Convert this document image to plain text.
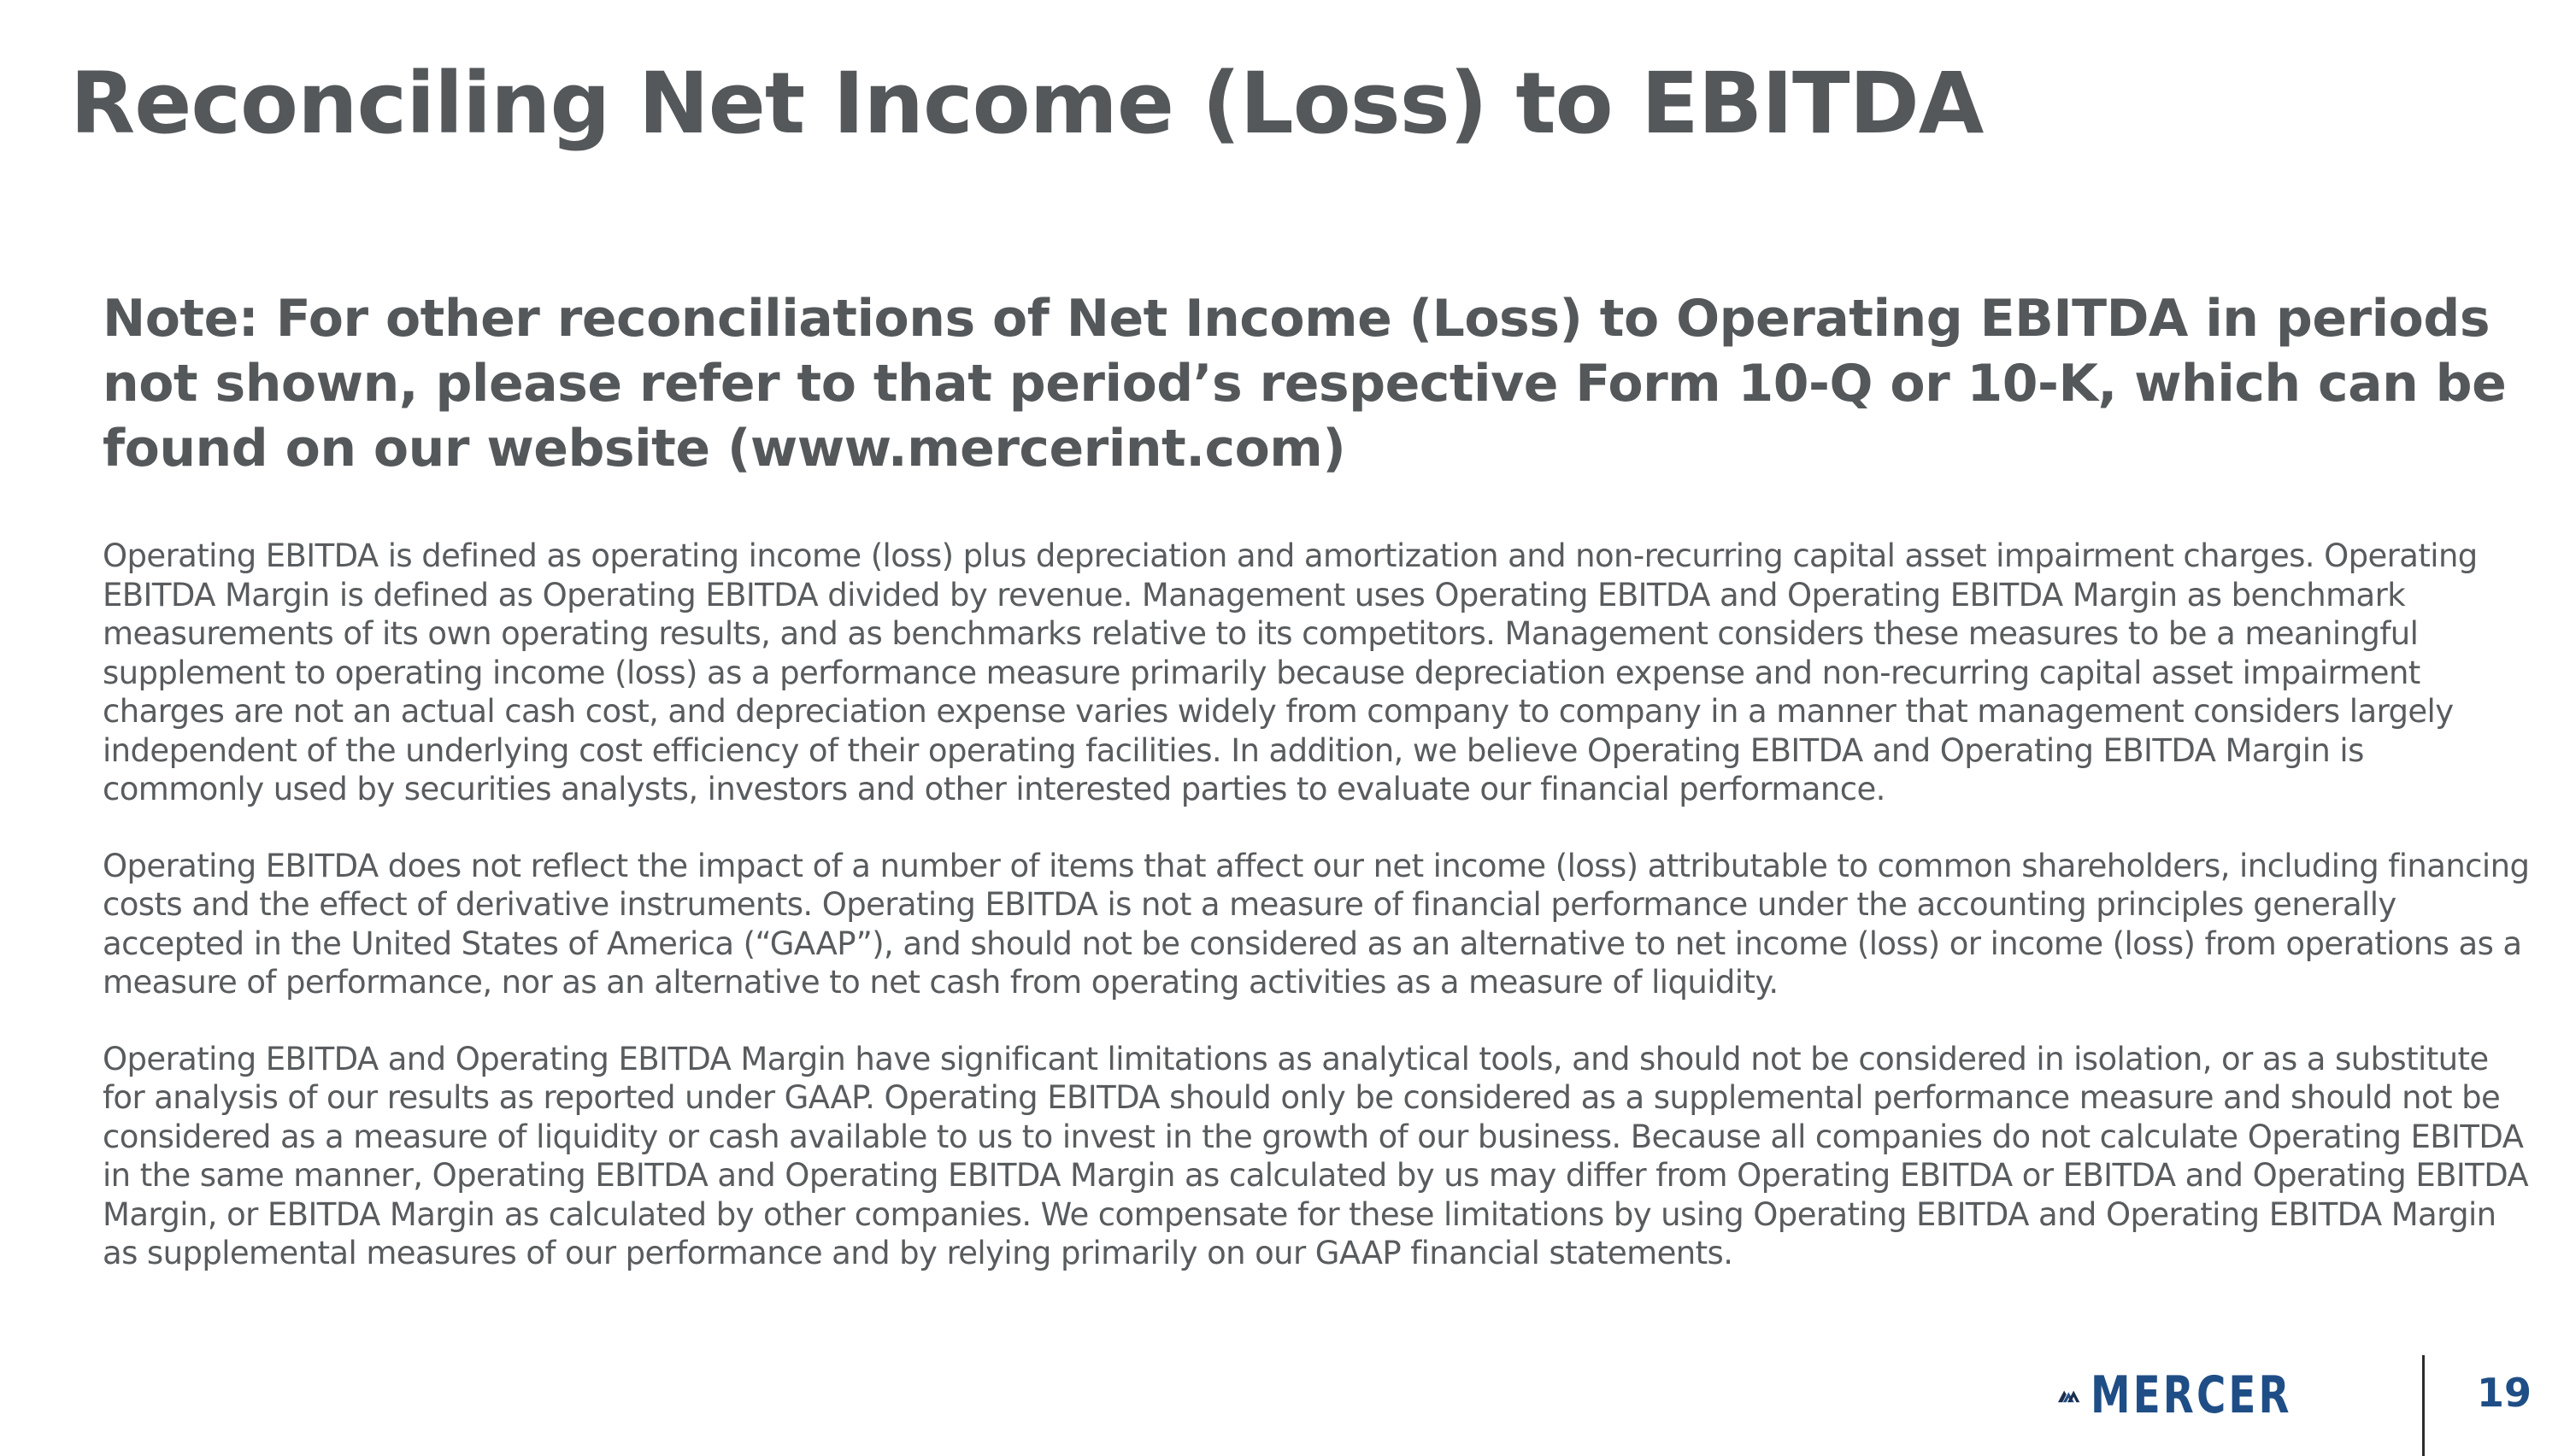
Reconciling Net Income (Loss) to EBITDA

Note: For other reconciliations of Net Income (Loss) to Operating EBITDA in periods not shown, please refer to that period’s respective Form 10-Q or 10-K, which can be found on our website (www.mercerint.com)

Operating EBITDA is defined as operating income (loss) plus depreciation and amortization and non-recurring capital asset impairment charges. Operating EBITDA Margin is defined as Operating EBITDA divided by revenue. Management uses Operating EBITDA and Operating EBITDA Margin as benchmark measurements of its own operating results, and as benchmarks relative to its competitors. Management considers these measures to be a meaningful supplement to operating income (loss) as a performance measure primarily because depreciation expense and non-recurring capital asset impairment charges are not an actual cash cost, and depreciation expense varies widely from company to company in a manner that management considers largely independent of the underlying cost efficiency of their operating facilities. In addition, we believe Operating EBITDA and Operating EBITDA Margin is commonly used by securities analysts, investors and other interested parties to evaluate our financial performance.

Operating EBITDA does not reflect the impact of a number of items that affect our net income (loss) attributable to common shareholders, including financing costs and the effect of derivative instruments. Operating EBITDA is not a measure of financial performance under the accounting principles generally accepted in the United States of America (“GAAP”), and should not be considered as an alternative to net income (loss) or income (loss) from operations as a measure of performance, nor as an alternative to net cash from operating activities as a measure of liquidity.

Operating EBITDA and Operating EBITDA Margin have significant limitations as analytical tools, and should not be considered in isolation, or as a substitute for analysis of our results as reported under GAAP. Operating EBITDA should only be considered as a supplemental performance measure and should not be considered as a measure of liquidity or cash available to us to invest in the growth of our business. Because all companies do not calculate Operating EBITDA in the same manner, Operating EBITDA and Operating EBITDA Margin as calculated by us may differ from Operating EBITDA or EBITDA and Operating EBITDA Margin, or EBITDA Margin as calculated by other companies. We compensate for these limitations by using Operating EBITDA and Operating EBITDA Margin as supplemental measures of our performance and by relying primarily on our GAAP financial statements.

MERCER	19
